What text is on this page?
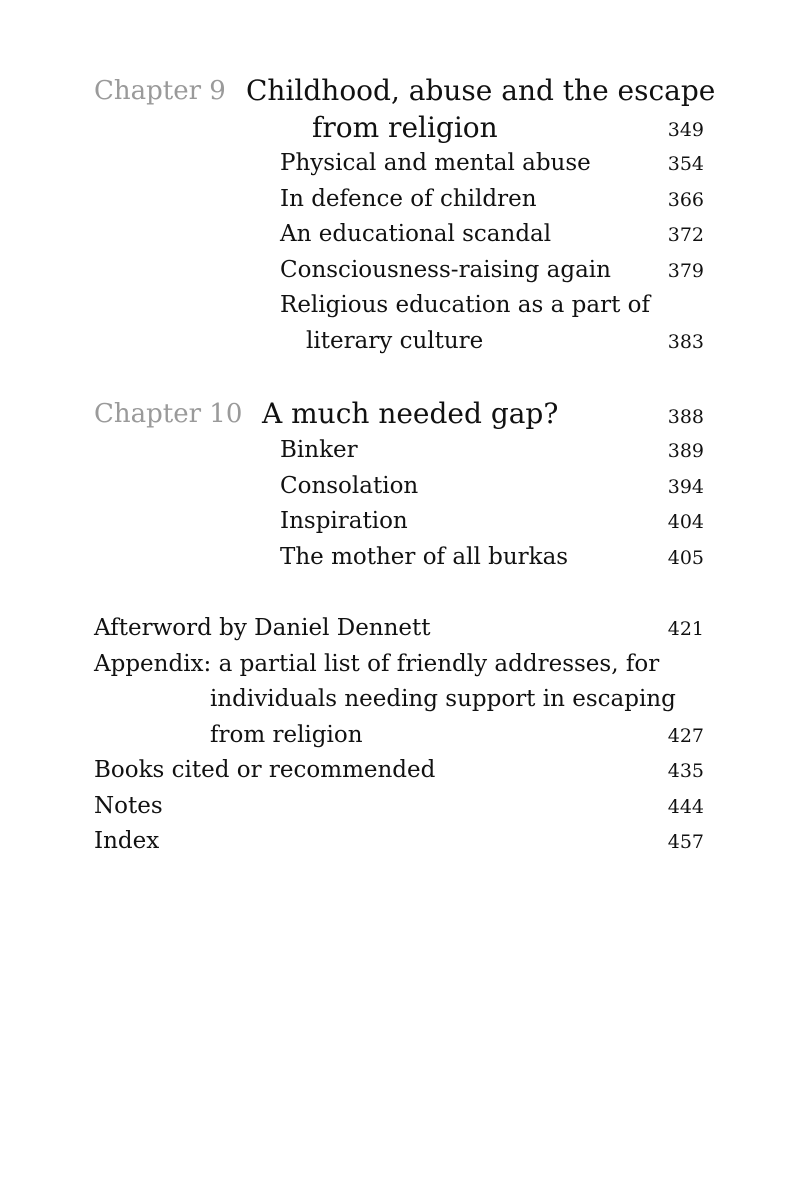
Chapter 9 Childhood, abuse and the escape
from religion	349
Physical and mental abuse	354
In defence of children	366
An educational scandal	372
Consciousness-raising again	379
Religious education as a part of
literary culture	383
Chapter 10 A much needed gap?	388
Binker	389
Consolation	394
Inspiration	404
The mother of all burkas	405
Afterword by Daniel Dennett	421
Appendix: a partial list of friendly addresses, for
individuals needing support in escaping
from religion	427
Books cited or recommended	435
Notes	444
Index	457
